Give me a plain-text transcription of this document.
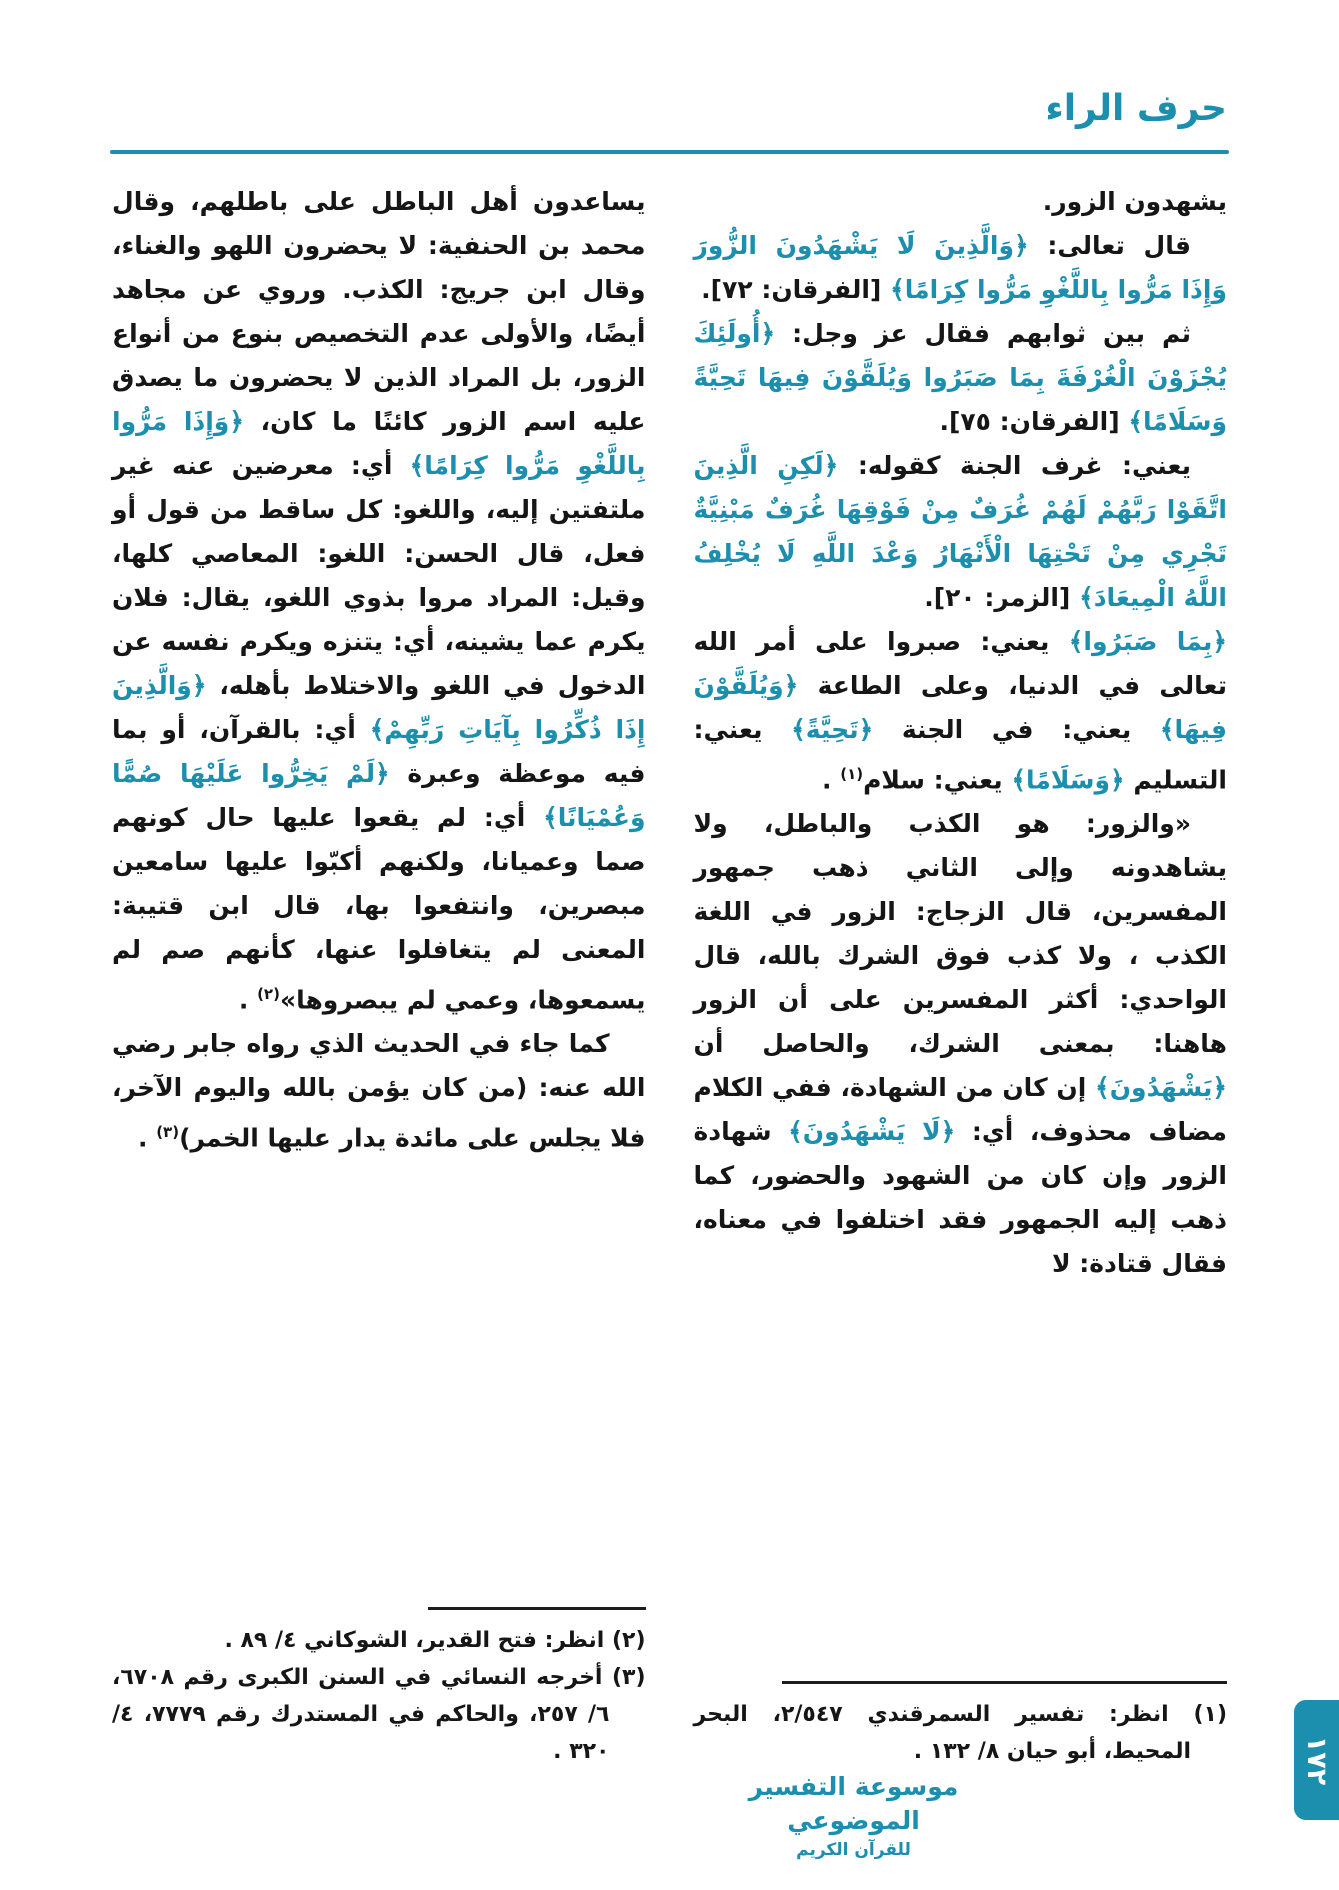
حرف الراء

يشهدون الزور.

قال تعالى: ﴿وَالَّذِينَ لَا يَشْهَدُونَ الزُّورَ وَإِذَا مَرُّوا بِاللَّغْوِ مَرُّوا كِرَامًا﴾ [الفرقان: ٧٢].

ثم بين ثوابهم فقال عز وجل: ﴿أُولَئِكَ يُجْزَوْنَ الْغُرْفَةَ بِمَا صَبَرُوا وَيُلَقَّوْنَ فِيهَا تَحِيَّةً وَسَلَامًا﴾ [الفرقان: ٧٥].

يعني: غرف الجنة كقوله: ﴿لَكِنِ الَّذِينَ اتَّقَوْا رَبَّهُمْ لَهُمْ غُرَفٌ مِنْ فَوْقِهَا غُرَفٌ مَبْنِيَّةٌ تَجْرِي مِنْ تَحْتِهَا الْأَنْهَارُ وَعْدَ اللَّهِ لَا يُخْلِفُ اللَّهُ الْمِيعَادَ﴾ [الزمر: ٢٠].

﴿بِمَا صَبَرُوا﴾ يعني: صبروا على أمر الله تعالى في الدنيا، وعلى الطاعة ﴿وَيُلَقَّوْنَ فِيهَا﴾ يعني: في الجنة ﴿تَحِيَّةً﴾ يعني: التسليم ﴿وَسَلَامًا﴾ يعني: سلام$^{(١)}$ .

«والزور: هو الكذب والباطل، ولا يشاهدونه وإلى الثاني ذهب جمهور المفسرين، قال الزجاج: الزور في اللغة الكذب ، ولا كذب فوق الشرك بالله، قال الواحدي: أكثر المفسرين على أن الزور هاهنا: بمعنى الشرك، والحاصل أن ﴿يَشْهَدُونَ﴾ إن كان من الشهادة، ففي الكلام مضاف محذوف، أي: ﴿لَا يَشْهَدُونَ﴾ شهادة الزور وإن كان من الشهود والحضور، كما ذهب إليه الجمهور فقد اختلفوا في معناه، فقال قتادة: لا

(١) انظر: تفسير السمرقندي ٢/٥٤٧، البحر المحيط، أبو حيان ٨/ ١٣٢ .

يساعدون أهل الباطل على باطلهم، وقال محمد بن الحنفية: لا يحضرون اللهو والغناء، وقال ابن جريج: الكذب. وروي عن مجاهد أيضًا، والأولى عدم التخصيص بنوع من أنواع الزور، بل المراد الذين لا يحضرون ما يصدق عليه اسم الزور كائنًا ما كان، ﴿وَإِذَا مَرُّوا بِاللَّغْوِ مَرُّوا كِرَامًا﴾ أي: معرضين عنه غير ملتفتين إليه، واللغو: كل ساقط من قول أو فعل، قال الحسن: اللغو: المعاصي كلها، وقيل: المراد مروا بذوي اللغو، يقال: فلان يكرم عما يشينه، أي: يتنزه ويكرم نفسه عن الدخول في اللغو والاختلاط بأهله، ﴿وَالَّذِينَ إِذَا ذُكِّرُوا بِآيَاتِ رَبِّهِمْ﴾ أي: بالقرآن، أو بما فيه موعظة وعبرة ﴿لَمْ يَخِرُّوا عَلَيْهَا صُمًّا وَعُمْيَانًا﴾ أي: لم يقعوا عليها حال كونهم صما وعميانا، ولكنهم أكبّوا عليها سامعين مبصرين، وانتفعوا بها، قال ابن قتيبة: المعنى لم يتغافلوا عنها، كأنهم صم لم يسمعوها، وعمي لم يبصروها»$^{(٢)}$ .

كما جاء في الحديث الذي رواه جابر رضي الله عنه: (من كان يؤمن بالله واليوم الآخر، فلا يجلس على مائدة يدار عليها الخمر)$^{(٣)}$ .

(٢) انظر: فتح القدير، الشوكاني ٤/ ٨٩ .

(٣) أخرجه النسائي في السنن الكبرى رقم ٦٧٠٨، ٦/ ٢٥٧، والحاكم في المستدرك رقم ٧٧٧٩، ٤/ ٣٢٠ .

موسوعة التفسير الموضوعي
للقرآن الكريم
١٧٢
